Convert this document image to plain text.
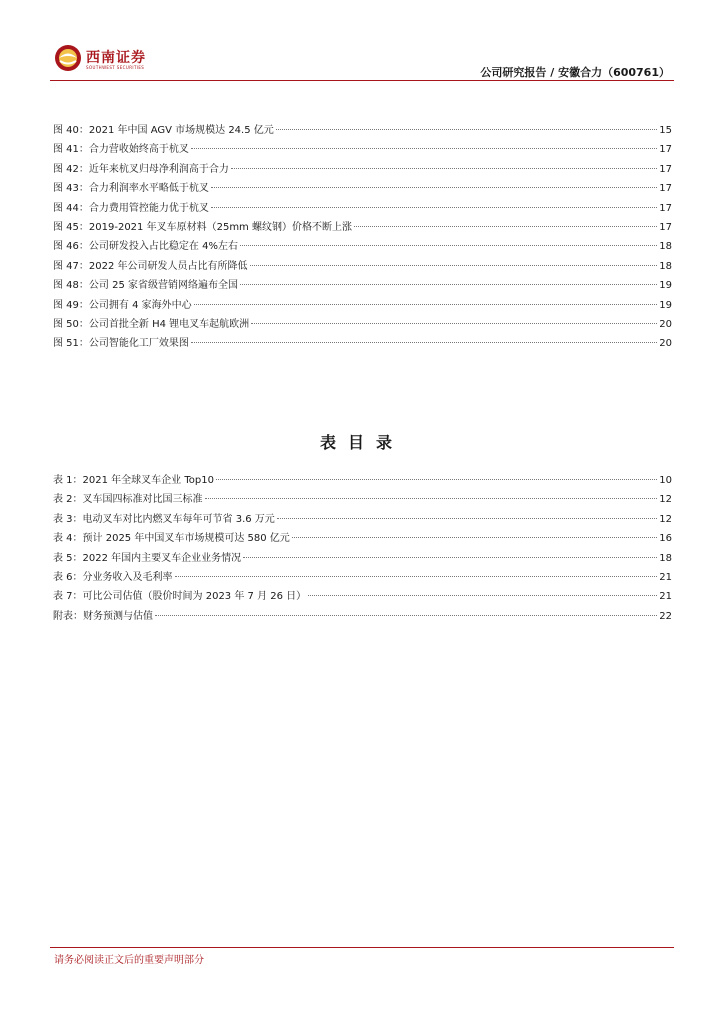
西南证券
SOUTHWEST SECURITIES	公司研究报告 / 安徽合力（600761）
图 40：2021 年中国 AGV 市场规模达 24.5 亿元	15
图 41：合力营收始终高于杭叉	17
图 42：近年来杭叉归母净利润高于合力	17
图 43：合力利润率水平略低于杭叉	17
图 44：合力费用管控能力优于杭叉	17
图 45：2019-2021 年叉车原材料（25mm 螺纹钢）价格不断上涨	17
图 46：公司研发投入占比稳定在 4%左右	18
图 47：2022 年公司研发人员占比有所降低	18
图 48：公司 25 家省级营销网络遍布全国	19
图 49：公司拥有 4 家海外中心	19
图 50：公司首批全新 H4 锂电叉车起航欧洲	20
图 51：公司智能化工厂效果图	20
表目录
表 1：2021 年全球叉车企业 Top10	10
表 2：叉车国四标准对比国三标准	12
表 3：电动叉车对比内燃叉车每年可节省 3.6 万元	12
表 4：预计 2025 年中国叉车市场规模可达 580 亿元	16
表 5：2022 年国内主要叉车企业业务情况	18
表 6：分业务收入及毛利率	21
表 7：可比公司估值（股价时间为 2023 年 7 月 26 日）	21
附表：财务预测与估值	22
请务必阅读正文后的重要声明部分
